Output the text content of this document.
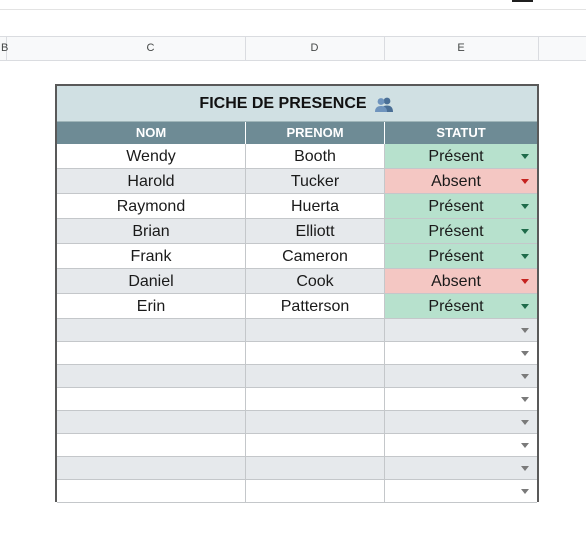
B	C	D	E
FICHE DE PRESENCE
NOM	PRENOM	STATUT
Wendy	Booth	Présent
Harold	Tucker	Absent
Raymond	Huerta	Présent
Brian	Elliott	Présent
Frank	Cameron	Présent
Daniel	Cook	Absent
Erin	Patterson	Présent
